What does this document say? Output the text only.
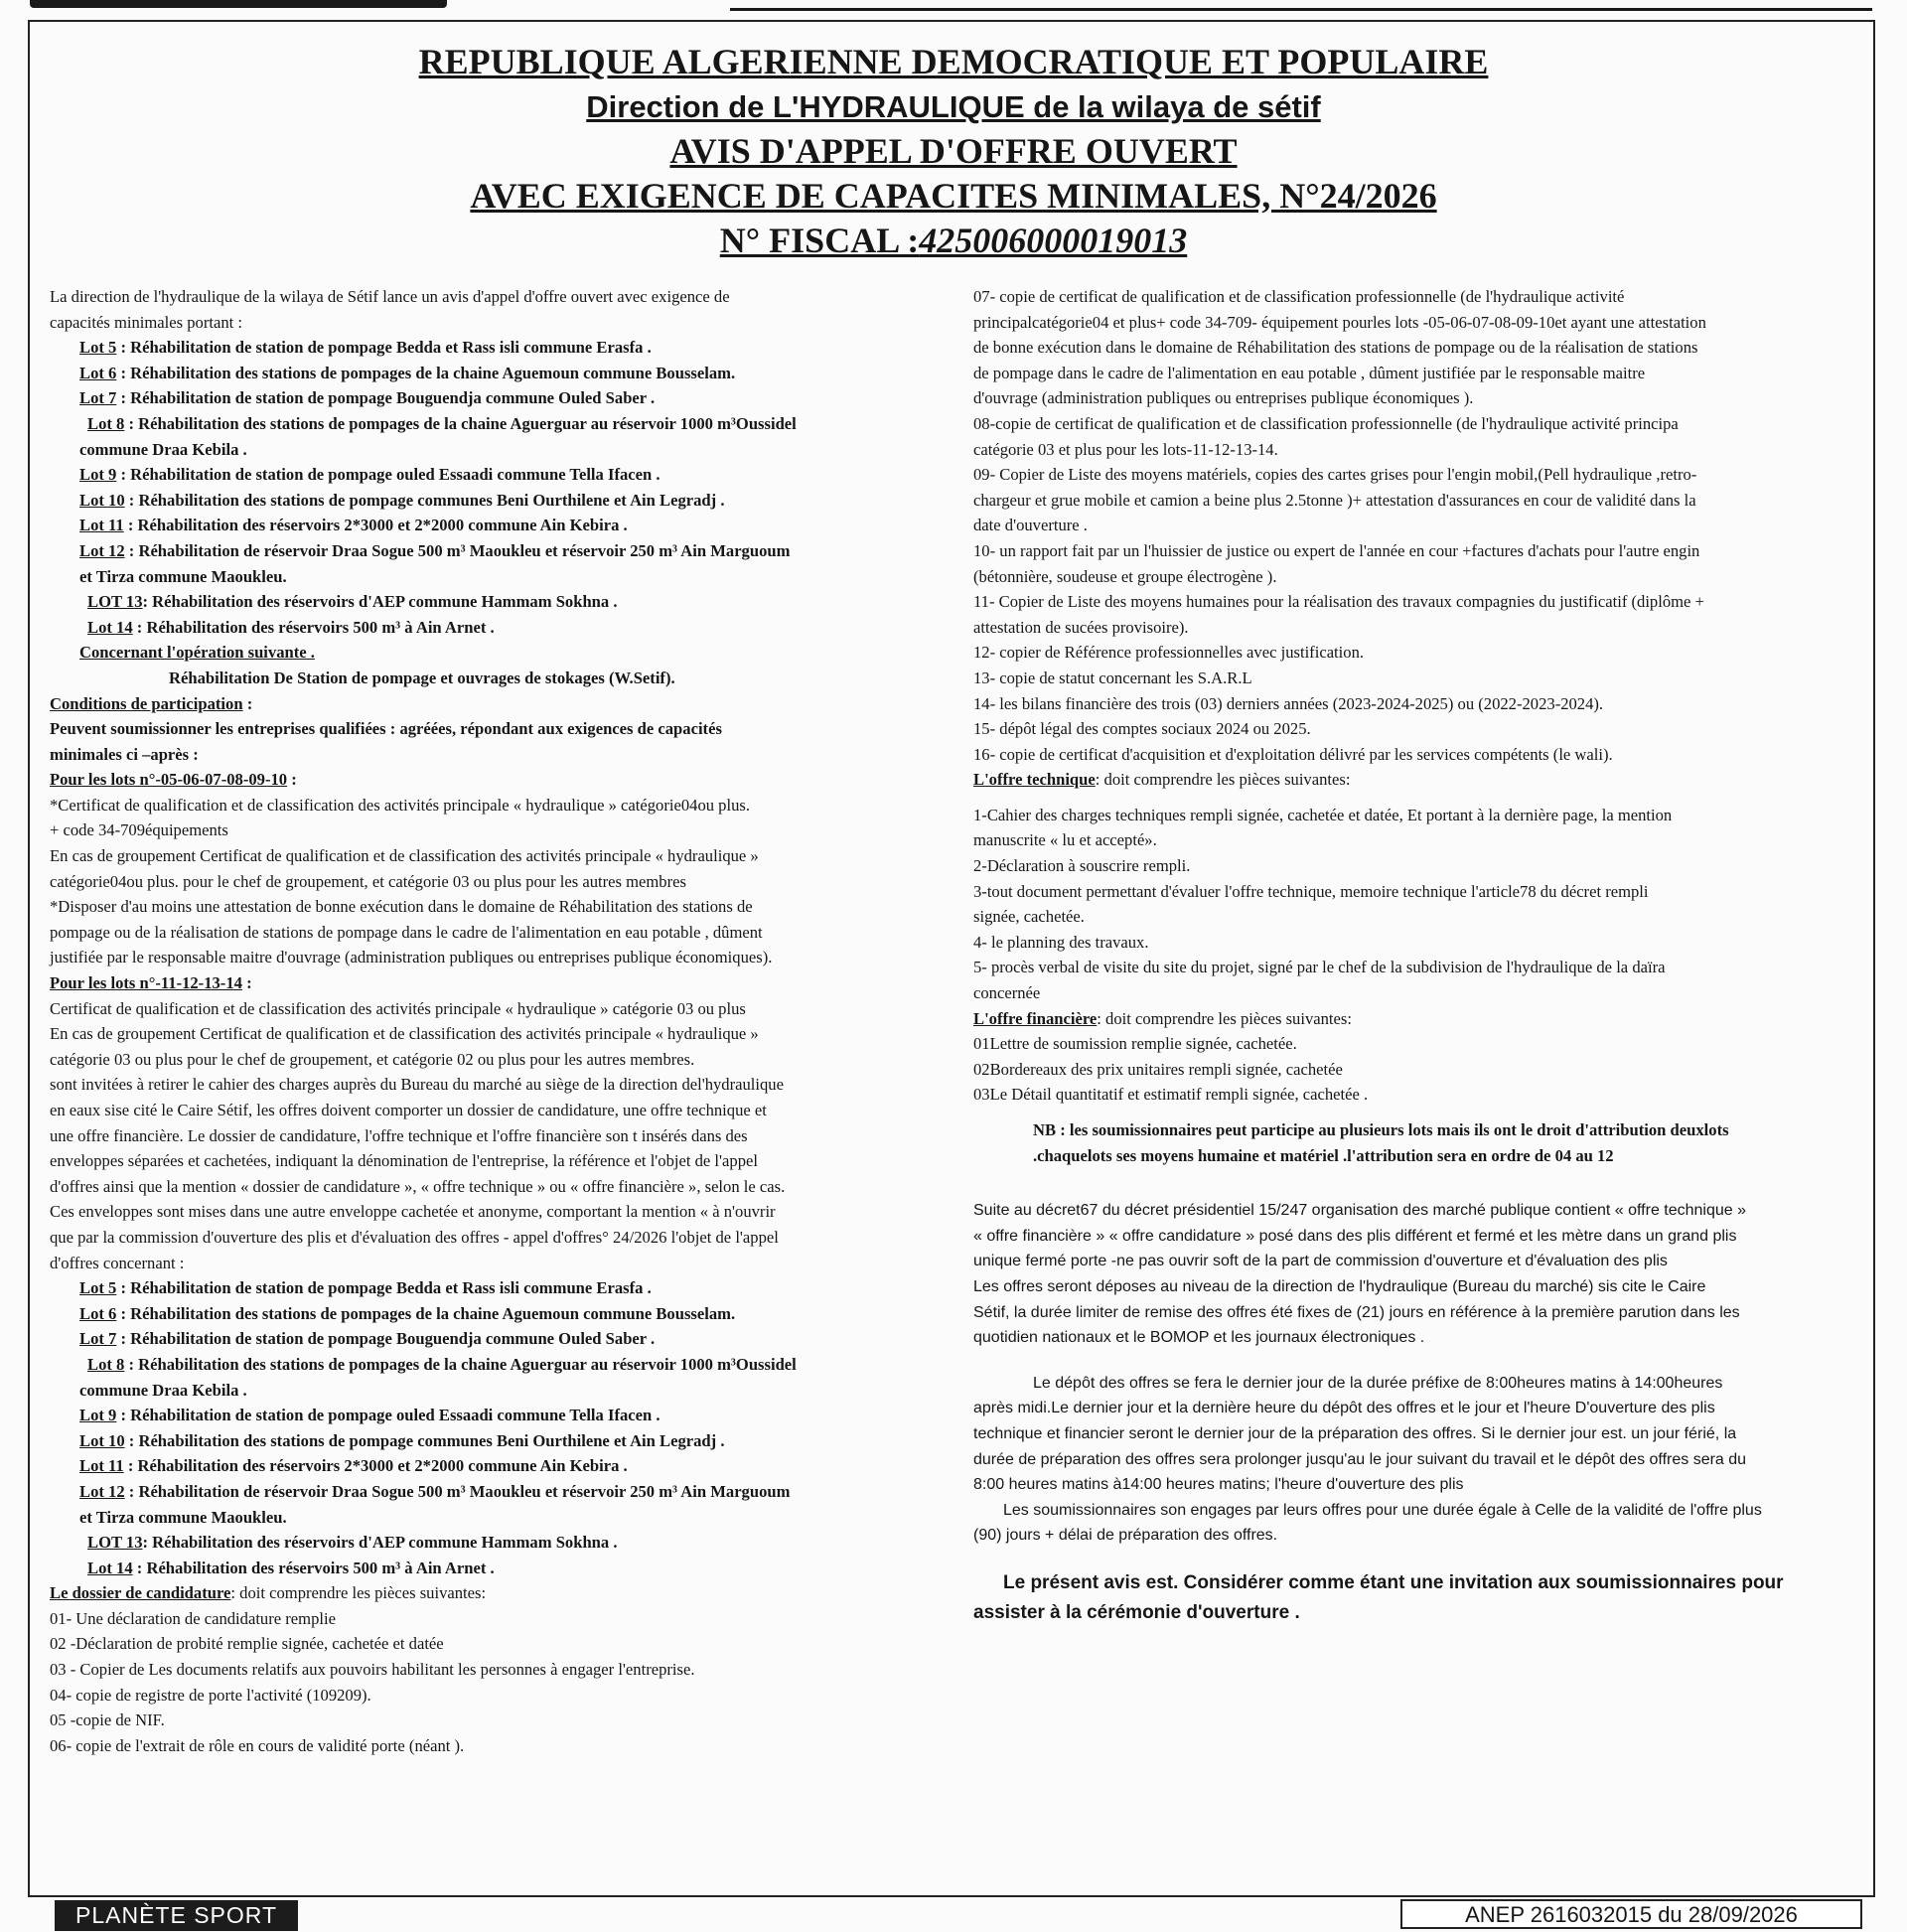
REPUBLIQUE ALGERIENNE DEMOCRATIQUE ET POPULAIRE
Direction de L'HYDRAULIQUE de la wilaya de sétif
AVIS D'APPEL D'OFFRE OUVERT
AVEC EXIGENCE DE CAPACITES MINIMALES, N°24/2026
N° FISCAL :425006000019013

La direction de l'hydraulique de la wilaya de Sétif lance un avis d'appel d'offre ouvert avec exigence de

capacités minimales portant :

Lot 5 : Réhabilitation de station de pompage Bedda et Rass isli commune Erasfa .

Lot 6 : Réhabilitation des stations de pompages de la chaine Aguemoun commune Bousselam.

Lot 7 : Réhabilitation de station de pompage Bouguendja commune Ouled Saber .

Lot 8 : Réhabilitation des stations de pompages de la chaine Aguerguar au réservoir 1000 m³Oussidel

commune Draa Kebila .

Lot 9 : Réhabilitation de station de pompage ouled Essaadi commune Tella Ifacen .

Lot 10 : Réhabilitation des stations de pompage communes Beni Ourthilene et Ain Legradj .

Lot 11 : Réhabilitation des réservoirs 2*3000 et 2*2000 commune Ain Kebira .

Lot 12 : Réhabilitation de réservoir Draa Sogue 500 m³ Maoukleu et réservoir 250 m³ Ain Marguoum

et Tirza commune Maoukleu.

LOT 13: Réhabilitation des réservoirs d'AEP commune Hammam Sokhna .

Lot 14 : Réhabilitation des réservoirs 500 m³ à Ain Arnet .

Concernant l'opération suivante .

Réhabilitation De Station de pompage et ouvrages de stokages (W.Setif).

Conditions de participation :

Peuvent soumissionner les entreprises qualifiées : agréées, répondant aux exigences de capacités

minimales ci –après :

Pour les lots n°-05-06-07-08-09-10 :

*Certificat de qualification et de classification des activités principale « hydraulique » catégorie04ou plus.

+ code 34-709équipements

En cas de groupement Certificat de qualification et de classification des activités principale « hydraulique »

catégorie04ou plus. pour le chef de groupement, et catégorie 03 ou plus pour les autres membres

*Disposer d'au moins une attestation de bonne exécution dans le domaine de Réhabilitation des stations de

pompage ou de la réalisation de stations de pompage dans le cadre de l'alimentation en eau potable , dûment

justifiée par le responsable maitre d'ouvrage (administration publiques ou entreprises publique économiques).

Pour les lots n°-11-12-13-14 :

Certificat de qualification et de classification des activités principale « hydraulique » catégorie 03 ou plus

En cas de groupement Certificat de qualification et de classification des activités principale « hydraulique »

catégorie 03 ou plus pour le chef de groupement, et catégorie 02 ou plus pour les autres membres.

sont invitées à retirer le cahier des charges auprès du Bureau du marché au siège de la direction del'hydraulique

en eaux sise cité le Caire Sétif, les offres doivent comporter un dossier de candidature, une offre technique et

une offre financière. Le dossier de candidature, l'offre technique et l'offre financière son t insérés dans des

enveloppes séparées et cachetées, indiquant la dénomination de l'entreprise, la référence et l'objet de l'appel

d'offres ainsi que la mention « dossier de candidature », « offre technique » ou « offre financière », selon le cas.

Ces enveloppes sont mises dans une autre enveloppe cachetée et anonyme, comportant la mention « à n'ouvrir

que par la commission d'ouverture des plis et d'évaluation des offres - appel d'offres° 24/2026 l'objet de l'appel

d'offres concernant :

Lot 5 : Réhabilitation de station de pompage Bedda et Rass isli commune Erasfa .

Lot 6 : Réhabilitation des stations de pompages de la chaine Aguemoun commune Bousselam.

Lot 7 : Réhabilitation de station de pompage Bouguendja commune Ouled Saber .

Lot 8 : Réhabilitation des stations de pompages de la chaine Aguerguar au réservoir 1000 m³Oussidel

commune Draa Kebila .

Lot 9 : Réhabilitation de station de pompage ouled Essaadi commune Tella Ifacen .

Lot 10 : Réhabilitation des stations de pompage communes Beni Ourthilene et Ain Legradj .

Lot 11 : Réhabilitation des réservoirs 2*3000 et 2*2000 commune Ain Kebira .

Lot 12 : Réhabilitation de réservoir Draa Sogue 500 m³ Maoukleu et réservoir 250 m³ Ain Marguoum

et Tirza commune Maoukleu.

LOT 13: Réhabilitation des réservoirs d'AEP commune Hammam Sokhna .

Lot 14 : Réhabilitation des réservoirs 500 m³ à Ain Arnet .

Le dossier de candidature: doit comprendre les pièces suivantes:

01- Une déclaration de candidature remplie

02 -Déclaration de probité remplie signée, cachetée et datée

03 - Copier de Les documents relatifs aux pouvoirs habilitant les personnes à engager l'entreprise.

04- copie de registre de porte l'activité (109209).

05 -copie de NIF.

06- copie de l'extrait de rôle en cours de validité porte (néant ).

07- copie de certificat de qualification et de classification professionnelle (de l'hydraulique activité

principalcatégorie04 et plus+ code 34-709- équipement pourles lots -05-06-07-08-09-10et ayant une attestation

de bonne exécution dans le domaine de Réhabilitation des stations de pompage ou de la réalisation de stations

de pompage dans le cadre de l'alimentation en eau potable , dûment justifiée par le responsable maitre

d'ouvrage (administration publiques ou entreprises publique économiques ).

08-copie de certificat de qualification et de classification professionnelle (de l'hydraulique activité principa

catégorie 03 et plus pour les lots-11-12-13-14.

09- Copier de Liste des moyens matériels, copies des cartes grises pour l'engin mobil,(Pell hydraulique ,retro-

chargeur et grue mobile et camion a beine plus 2.5tonne )+ attestation d'assurances en cour de validité dans la

date d'ouverture .

10- un rapport fait par un l'huissier de justice ou expert de l'année en cour +factures d'achats pour l'autre engin

(bétonnière, soudeuse et groupe électrogène ).

11- Copier de Liste des moyens humaines pour la réalisation des travaux compagnies du justificatif (diplôme +

attestation de sucées provisoire).

12- copier de Référence professionnelles avec justification.

13- copie de statut concernant les S.A.R.L

14- les bilans financière des trois (03) derniers années (2023-2024-2025) ou (2022-2023-2024).

15- dépôt légal des comptes sociaux 2024 ou 2025.

16- copie de certificat d'acquisition et d'exploitation délivré par les services compétents (le wali).

L'offre technique: doit comprendre les pièces suivantes:

1-Cahier des charges techniques rempli signée, cachetée et datée, Et portant à la dernière page, la mention

manuscrite « lu et accepté».

2-Déclaration à souscrire rempli.

3-tout document permettant d'évaluer l'offre technique, memoire technique l'article78 du décret rempli

signée, cachetée.

4- le planning des travaux.

5- procès verbal de visite du site du projet, signé par le chef de la subdivision de l'hydraulique de la daïra

concernée

L'offre financière: doit comprendre les pièces suivantes:

01Lettre de soumission remplie signée, cachetée.

02Bordereaux des prix unitaires rempli signée, cachetée

03Le Détail quantitatif et estimatif rempli signée, cachetée .

NB : les soumissionnaires peut participe au plusieurs lots mais ils ont le droit d'attribution deuxlots

.chaquelots ses moyens humaine et matériel .l'attribution sera en ordre de 04 au 12

Suite au décret67 du décret présidentiel 15/247 organisation des marché publique contient « offre technique »

« offre financière » « offre candidature » posé dans des plis différent et fermé et les mètre dans un grand plis

unique fermé porte -ne pas ouvrir soft de la part de commission d'ouverture et d'évaluation des plis

Les offres seront déposes au niveau de la direction de l'hydraulique (Bureau du marché) sis cite le Caire

Sétif, la durée limiter de remise des offres été fixes de (21) jours en référence à la première parution dans les

quotidien nationaux et le BOMOP et les journaux électroniques .

Le dépôt des offres se fera le dernier jour de la durée préfixe de 8:00heures matins à 14:00heures

après midi.Le dernier jour et la dernière heure du dépôt des offres et le jour et l'heure D'ouverture des plis

technique et financier seront le dernier jour de la préparation des offres. Si le dernier jour est. un jour férié, la

durée de préparation des offres sera prolonger jusqu'au le jour suivant du travail et le dépôt des offres sera du

8:00 heures matins à14:00 heures matins; l'heure d'ouverture des plis

Les soumissionnaires son engages par leurs offres pour une durée égale à Celle de la validité de l'offre plus

(90) jours + délai de préparation des offres.

Le présent avis est. Considérer comme étant une invitation aux soumissionnaires pour

assister à la cérémonie d'ouverture .

PLANÈTE SPORT	ANEP 2616032015 du 28/09/2026
